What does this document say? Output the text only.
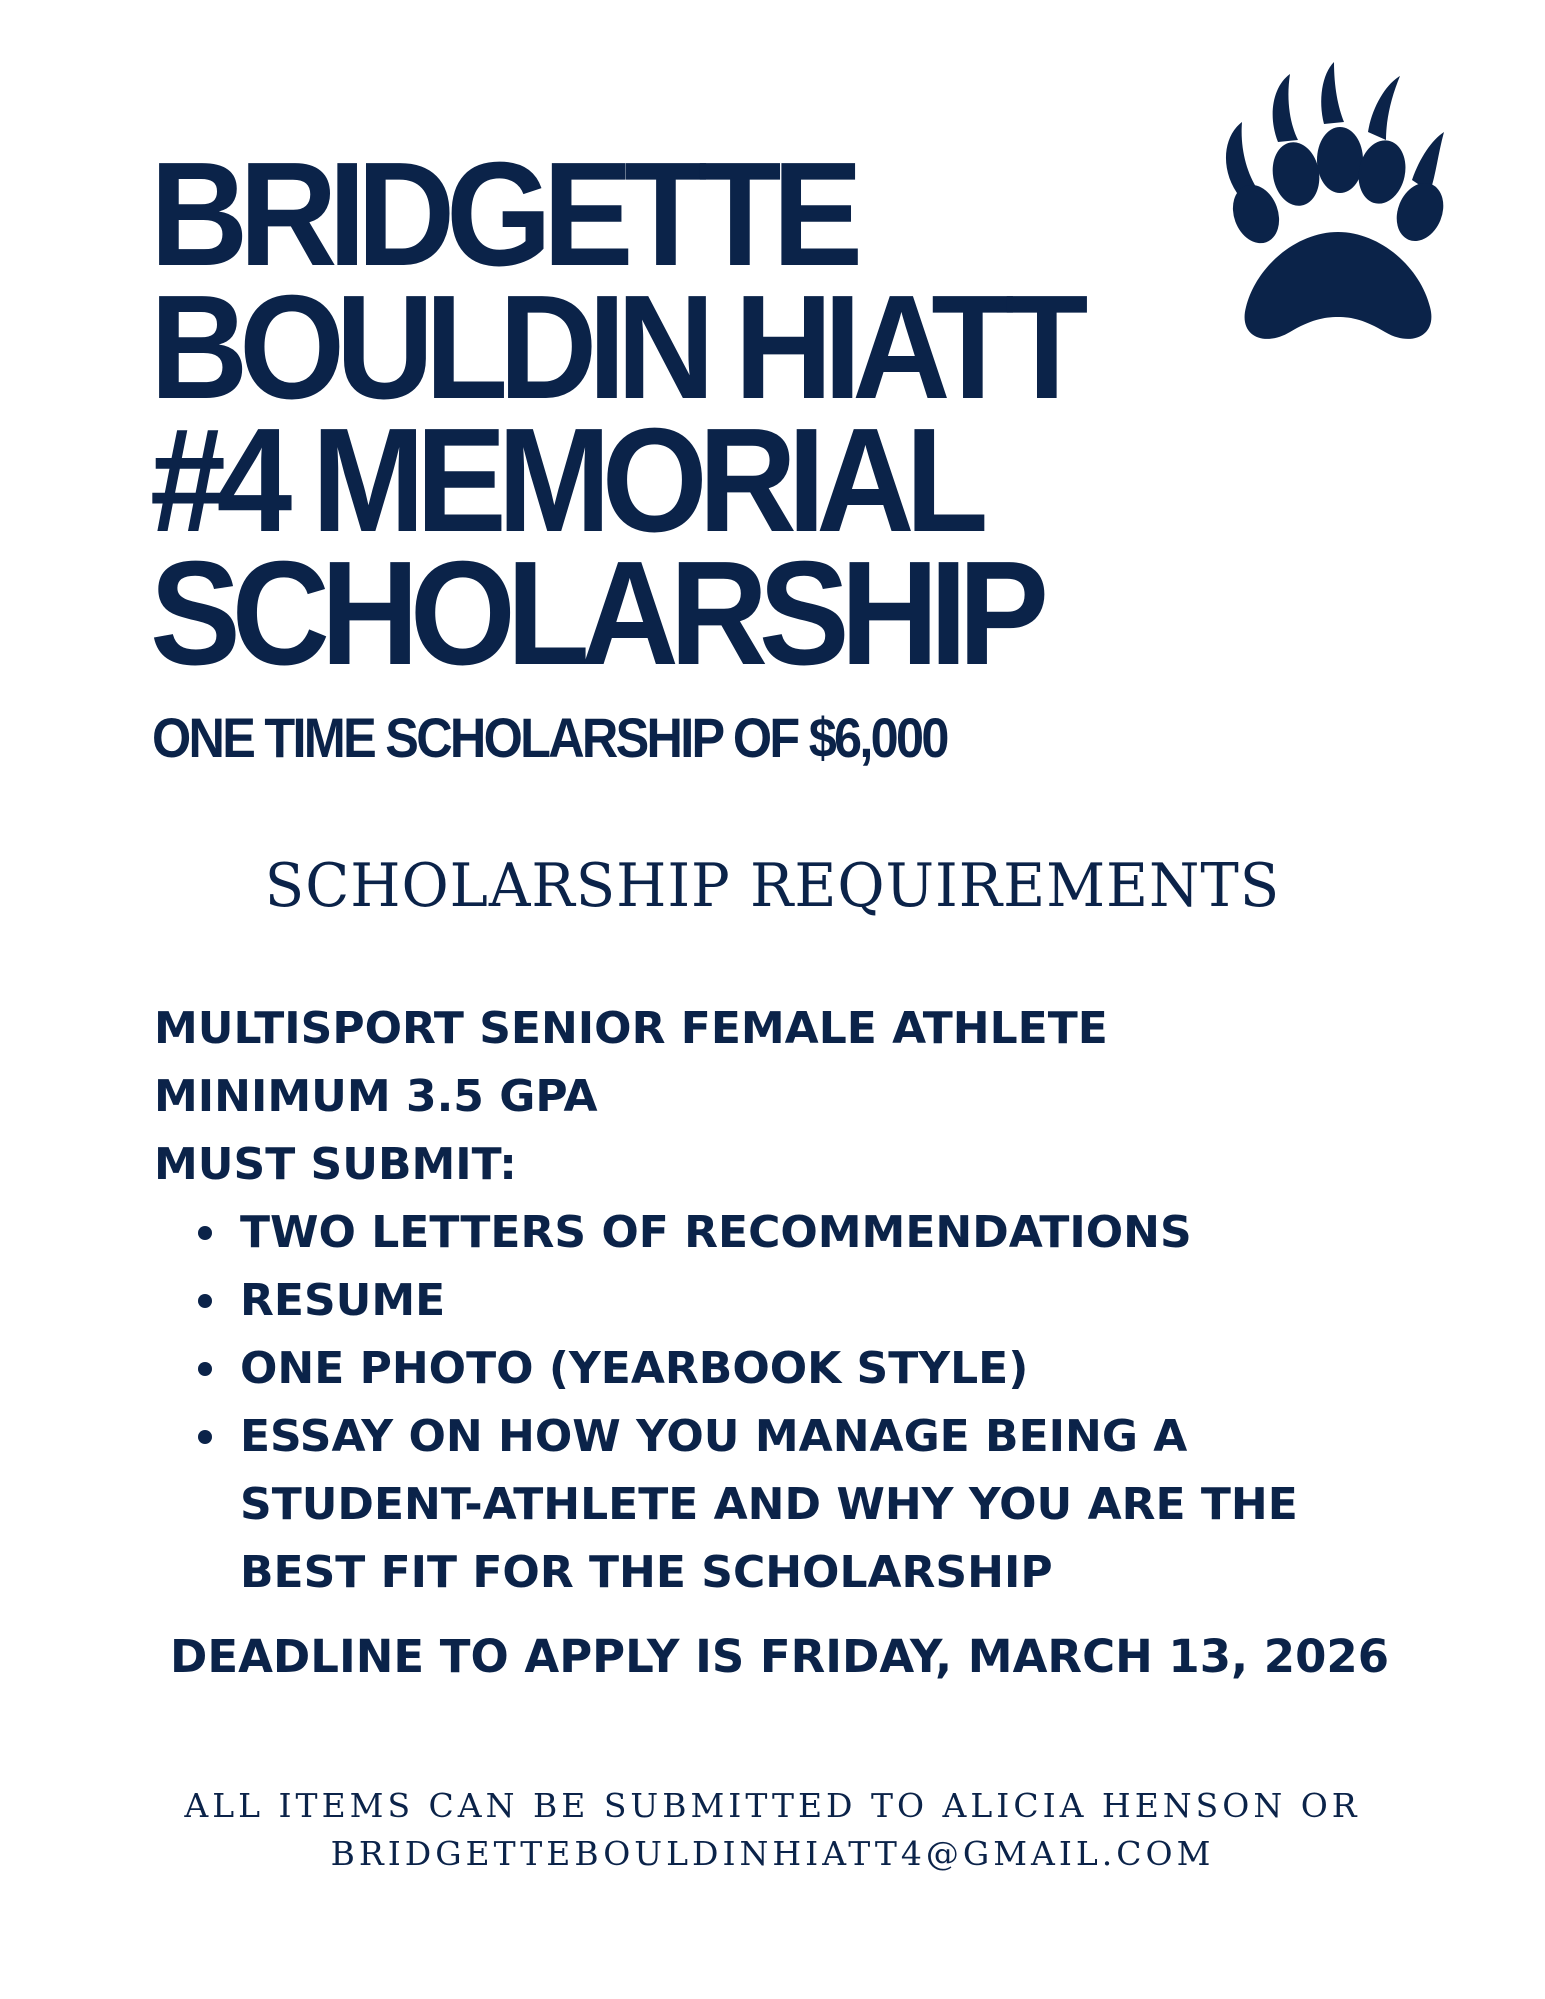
BRIDGETTE
BOULDIN HIATT
#4 MEMORIAL
SCHOLARSHIP
ONE TIME SCHOLARSHIP OF $6,000
SCHOLARSHIP REQUIREMENTS
MULTISPORT SENIOR FEMALE ATHLETE
MINIMUM 3.5 GPA
MUST SUBMIT:
TWO LETTERS OF RECOMMENDATIONS
RESUME
ONE PHOTO (YEARBOOK STYLE)
ESSAY ON HOW YOU MANAGE BEING A STUDENT-ATHLETE AND WHY YOU ARE THE BEST FIT FOR THE SCHOLARSHIP
DEADLINE TO APPLY IS FRIDAY, MARCH 13, 2026
ALL ITEMS CAN BE SUBMITTED TO ALICIA HENSON OR
BRIDGETTEBOULDINHIATT4@GMAIL.COM
